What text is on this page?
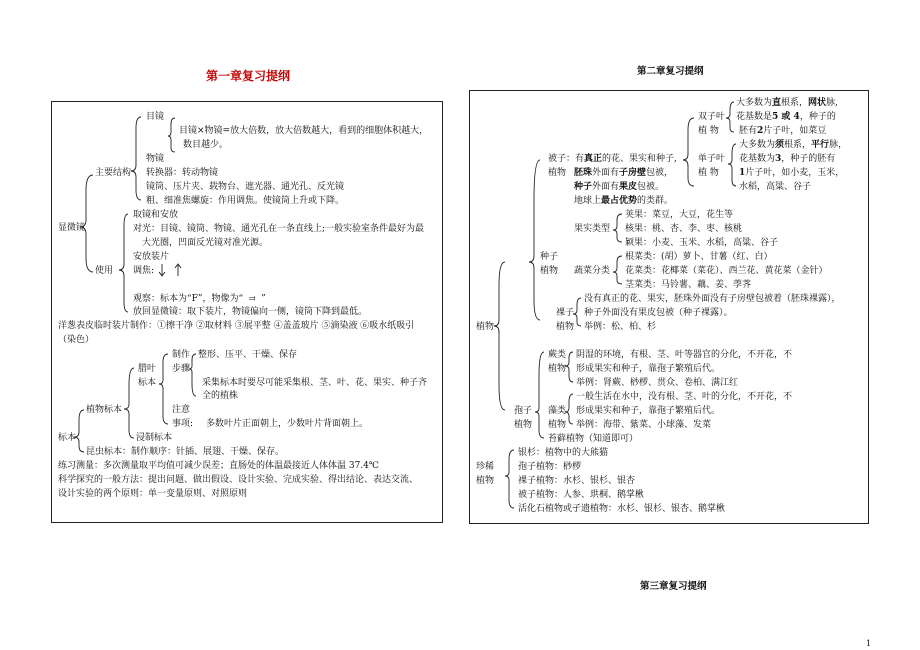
第一章复习提纲
目镜
目镜×物镜=放大倍数，放大倍数越大，看到的细胞体积越大，
数目越少。
主要结构
物镜
转换器：转动物镜
镜筒、压片夹、载物台、遮光器、通光孔、反光镜
粗、细准焦螺旋：作用调焦。使镜筒上升或下降。
显微镜
取镜和安放
对光：目镜、镜筒、物镜、通光孔在一条直线上;一般实验室条件最好为最
大光圈，凹面反光镜对准光源。
使用
安放装片
调焦:
观察：标本为“F”，物像为“ ⫤ ”
放回显微镜：取下装片，物镜偏向一侧，镜筒下降到最低。
洋葱表皮临时装片制作：①擦干净 ②取材料 ③展平整 ④盖盖玻片 ⑤滴染液 ⑥吸水纸吸引
（染色）
制作 整形、压平、干燥、保存
腊叶 步骤
标本	采集标本时要尽可能采集根、茎、叶、花、果实、种子齐
全的植株
植物标本	注意
事项: 多数叶片正面朝上，少数叶片背面朝上。
标本	浸制标本
昆虫标本：制作顺序：针插、展翅、干燥、保存。
练习测量：多次测量取平均值可减少误差；直肠处的体温最接近人体体温 37.4℃
科学探究的一般方法：提出问题、做出假设、设计实验、完成实验、得出结论、表达交流、
设计实验的两个原则：单一变量原则、对照原则
第二章复习提纲
大多数为直根系，网状脉,
双子叶 花基数是5 或 4，种子的
植 物 胚有2片子叶，如菜豆
大多数为须根系，平行脉，
被子：有真正的花、果实和种子, 单子叶 花基数为3，种子的胚有
植物 胚珠外面有子房壁包被，	植 物 1片子叶，如小麦，玉米，
种子外面有果皮包被。	水稻，高粱、谷子
地球上最占优势的类群。
荚果：菜豆，大豆，花生等
果实类型 核果：桃、杏、李、枣、核桃
颖果：小麦、玉米、水稻，高粱、谷子
种子	根菜类：(胡）萝卜、甘薯（红、白）
植物 蔬菜分类 花菜类：花椰菜（菜花）、西兰花、黄花菜（金针）
茎菜类：马铃薯、藕、姜、荸荠
没有真正的花、果实，胚珠外面没有子房壁包被着（胚珠裸露），
裸子 种子外面没有果皮包被（种子裸露）。
植物	植物 举例：松、柏、杉
蕨类 阴湿的环境，有根、茎、叶等器官的分化，不开花，不
植物 形成果实和种子，靠孢子繁殖后代。
举例：肾蕨、桫椤、贯众、卷柏、满江红
一般生活在水中，没有根、茎、叶的分化，不开花，不
孢子 藻类 形成果实和种子，靠孢子繁殖后代。
植物 植物 举例：海带、紫菜、小球藻、发菜
苔藓植物（知道即可）
银杉：植物中的大熊猫
珍稀	孢子植物：桫椤
植物	裸子植物：水杉、银杉、银杏
被子植物：人参、珙桐、鹅掌楸
活化石植物或孑遗植物：水杉、银杉、银杏、鹅掌楸
第三章复习提纲
1
